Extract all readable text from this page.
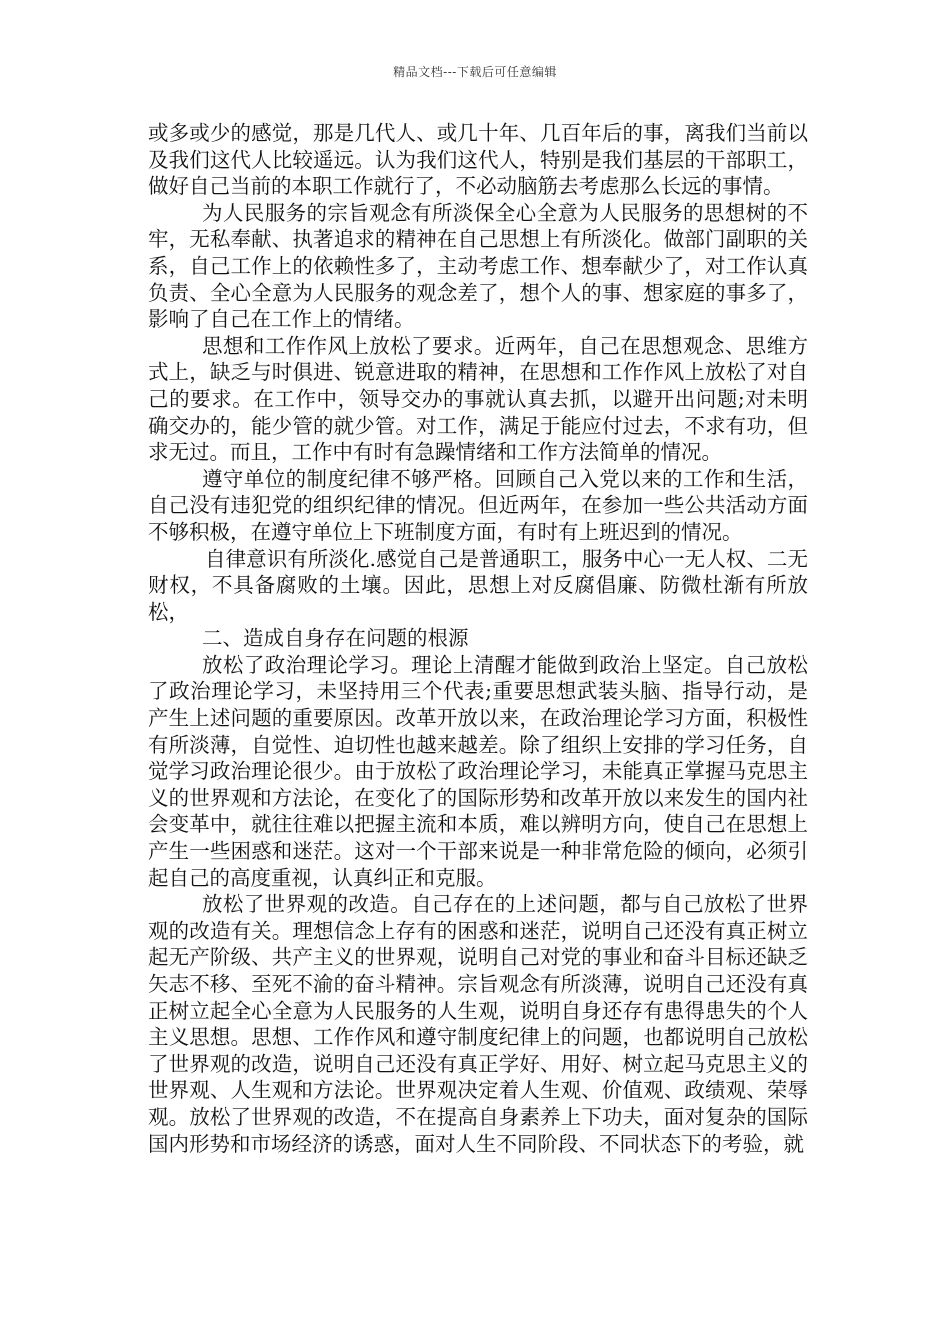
精品文档---下载后可任意编辑

或多或少的感觉，那是几代人、或几十年、几百年后的事，离我们当前以及我们这代人比较遥远。认为我们这代人，特别是我们基层的干部职工，做好自己当前的本职工作就行了，不必动脑筋去考虑那么长远的事情。

为人民服务的宗旨观念有所淡保全心全意为人民服务的思想树的不牢，无私奉献、执著追求的精神在自己思想上有所淡化。做部门副职的关系，自己工作上的依赖性多了，主动考虑工作、想奉献少了，对工作认真负责、全心全意为人民服务的观念差了，想个人的事、想家庭的事多了，影响了自己在工作上的情绪。

思想和工作作风上放松了要求。近两年，自己在思想观念、思维方式上，缺乏与时俱进、锐意进取的精神，在思想和工作作风上放松了对自己的要求。在工作中，领导交办的事就认真去抓，以避开出问题;对未明确交办的，能少管的就少管。对工作，满足于能应付过去，不求有功，但求无过。而且，工作中有时有急躁情绪和工作方法简单的情况。

遵守单位的制度纪律不够严格。回顾自己入党以来的工作和生活，自己没有违犯党的组织纪律的情况。但近两年，在参加一些公共活动方面不够积极，在遵守单位上下班制度方面，有时有上班迟到的情况。

自律意识有所淡化.感觉自己是普通职工，服务中心一无人权、二无财权，不具备腐败的土壤。因此，思想上对反腐倡廉、防微杜渐有所放松，

二、造成自身存在问题的根源

放松了政治理论学习。理论上清醒才能做到政治上坚定。自己放松了政治理论学习，未坚持用三个代表;重要思想武装头脑、指导行动，是产生上述问题的重要原因。改革开放以来，在政治理论学习方面，积极性有所淡薄，自觉性、迫切性也越来越差。除了组织上安排的学习任务，自觉学习政治理论很少。由于放松了政治理论学习，未能真正掌握马克思主义的世界观和方法论，在变化了的国际形势和改革开放以来发生的国内社会变革中，就往往难以把握主流和本质，难以辨明方向，使自己在思想上产生一些困惑和迷茫。这对一个干部来说是一种非常危险的倾向，必须引起自己的高度重视，认真纠正和克服。

放松了世界观的改造。自己存在的上述问题，都与自己放松了世界观的改造有关。理想信念上存有的困惑和迷茫，说明自己还没有真正树立起无产阶级、共产主义的世界观，说明自己对党的事业和奋斗目标还缺乏矢志不移、至死不渝的奋斗精神。宗旨观念有所淡薄，说明自己还没有真正树立起全心全意为人民服务的人生观，说明自身还存有患得患失的个人主义思想。思想、工作作风和遵守制度纪律上的问题，也都说明自己放松了世界观的改造，说明自己还没有真正学好、用好、树立起马克思主义的世界观、人生观和方法论。世界观决定着人生观、价值观、政绩观、荣辱观。放松了世界观的改造，不在提高自身素养上下功夫，面对复杂的国际国内形势和市场经济的诱惑，面对人生不同阶段、不同状态下的考验，就
